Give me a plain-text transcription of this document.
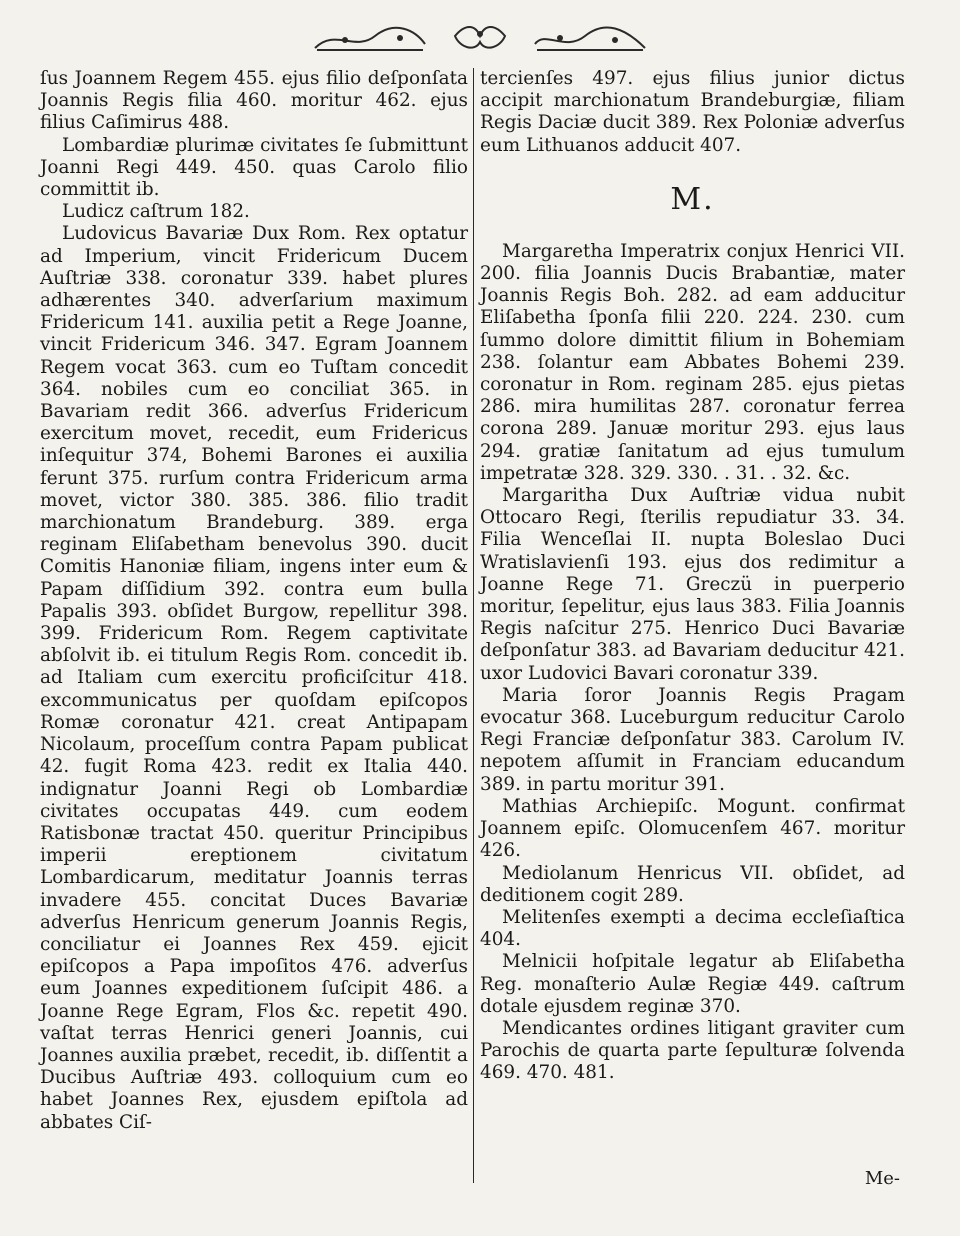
ſus Joannem Regem 455. ejus filio deſponſata Joannis Regis filia 460. moritur 462. ejus filius Caſimirus 488.

Lombardiæ plurimæ civitates ſe ſubmittunt Joanni Regi 449. 450. quas Carolo filio committit ib.

Ludicz caſtrum 182.

Ludovicus Bavariæ Dux Rom. Rex optatur ad Imperium, vincit Fridericum Ducem Auſtriæ 338. coronatur 339. habet plures adhærentes 340. adverſarium maximum Fridericum 141. auxilia petit a Rege Joanne, vincit Fridericum 346. 347. Egram Joannem Regem vocat 363. cum eo Tuſtam concedit 364. nobiles cum eo conciliat 365. in Bavariam redit 366. adverſus Fridericum exercitum movet, recedit, eum Fridericus inſequitur 374, Bohemi Barones ei auxilia ferunt 375. rurſum contra Fridericum arma movet, victor 380. 385. 386. filio tradit marchionatum Brandeburg. 389. erga reginam Eliſabetham benevolus 390. ducit Comitis Hanoniæ filiam, ingens inter eum & Papam diſſidium 392. contra eum bulla Papalis 393. obſidet Burgow, repellitur 398. 399. Fridericum Rom. Regem captivitate abſolvit ib. ei titulum Regis Rom. concedit ib. ad Italiam cum exercitu proficiſcitur 418. excommunicatus per quoſdam epiſcopos Romæ coronatur 421. creat Antipapam Nicolaum, proceſſum contra Papam publicat 42. fugit Roma 423. redit ex Italia 440. indignatur Joanni Regi ob Lombardiæ civitates occupatas 449. cum eodem Ratisbonæ tractat 450. queritur Principibus imperii ereptionem civitatum Lombardicarum, meditatur Joannis terras invadere 455. concitat Duces Bavariæ adverſus Henricum generum Joannis Regis, conciliatur ei Joannes Rex 459. ejicit epiſcopos a Papa impoſitos 476. adverſus eum Joannes expeditionem ſuſcipit 486. a Joanne Rege Egram, Flos &c. repetit 490. vaſtat terras Henrici generi Joannis, cui Joannes auxilia præbet, recedit, ib. diſſentit a Ducibus Auſtriæ 493. colloquium cum eo habet Joannes Rex, ejusdem epiſtola ad abbates Ciſ-

tercienſes 497. ejus filius junior dictus accipit marchionatum Brandeburgiæ, filiam Regis Daciæ ducit 389. Rex Poloniæ adverſus eum Lithuanos adducit 407.

M.

Margaretha Imperatrix conjux Henrici VII. 200. filia Joannis Ducis Brabantiæ, mater Joannis Regis Boh. 282. ad eam adducitur Eliſabetha ſponſa filii 220. 224. 230. cum ſummo dolore dimittit filium in Bohemiam 238. ſolantur eam Abbates Bohemi 239. coronatur in Rom. reginam 285. ejus pietas 286. mira humilitas 287. coronatur ferrea corona 289. Januæ moritur 293. ejus laus 294. gratiæ ſanitatum ad ejus tumulum impetratæ 328. 329. 330. . 31. . 32. &c.

Margaritha Dux Auſtriæ vidua nubit Ottocaro Regi, ſterilis repudiatur 33. 34. Filia Wenceſlai II. nupta Boleslao Duci Wratislavienſi 193. ejus dos redimitur a Joanne Rege 71. Greczü in puerperio moritur, ſepelitur, ejus laus 383. Filia Joannis Regis naſcitur 275. Henrico Duci Bavariæ deſponſatur 383. ad Bavariam deducitur 421. uxor Ludovici Bavari coronatur 339.

Maria ſoror Joannis Regis Pragam evocatur 368. Luceburgum reducitur Carolo Regi Franciæ deſponſatur 383. Carolum IV. nepotem aſſumit in Franciam educandum 389. in partu moritur 391.

Mathias Archiepiſc. Mogunt. confirmat Joannem epiſc. Olomucenſem 467. moritur 426.

Mediolanum Henricus VII. obſidet, ad deditionem cogit 289.

Melitenſes exempti a decima eccleſiaſtica 404.

Melnicii hoſpitale legatur ab Eliſabetha Reg. monaſterio Aulæ Regiæ 449. caſtrum dotale ejusdem reginæ 370.

Mendicantes ordines litigant graviter cum Parochis de quarta parte ſepulturæ ſolvenda 469. 470. 481.

Me-
